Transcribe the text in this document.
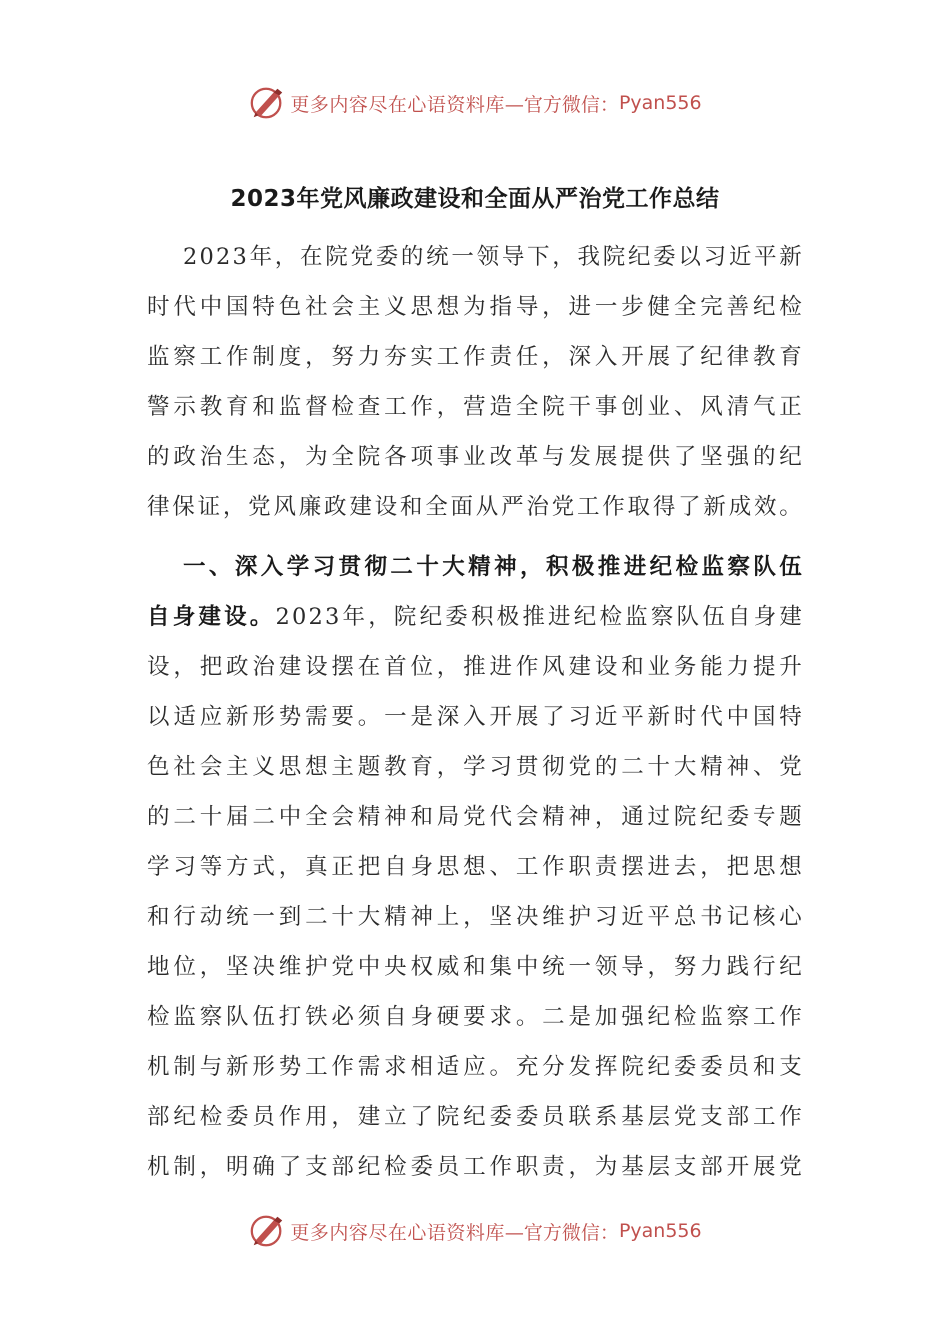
更多内容尽在心语资料库 —官方微信： Pyan556
2023年党风廉政建设和全面从严治党工作总结
2023年，在院党委的统一领导下，我院纪委以习近平新
时代中国特色社会主义思想为指导，进一步健全完善纪检
监察工作制度，努力夯实工作责任，深入开展了纪律教育
警示教育和监督检查工作，营造全院干事创业、风清气正
的政治生态，为全院各项事业改革与发展提供了坚强的纪
律保证，党风廉政建设和全面从严治党工作取得了新成效。
一、深入学习贯彻二十大精神，积极推进纪检监察队伍
自身建设。2023年，院纪委积极推进纪检监察队伍自身建
设，把政治建设摆在首位，推进作风建设和业务能力提升
以适应新形势需要。一是深入开展了习近平新时代中国特
色社会主义思想主题教育，学习贯彻党的二十大精神、党
的二十届二中全会精神和局党代会精神，通过院纪委专题
学习等方式，真正把自身思想、工作职责摆进去，把思想
和行动统一到二十大精神上，坚决维护习近平总书记核心
地位，坚决维护党中央权威和集中统一领导，努力践行纪
检监察队伍打铁必须自身硬要求。二是加强纪检监察工作
机制与新形势工作需求相适应。充分发挥院纪委委员和支
部纪检委员作用，建立了院纪委委员联系基层党支部工作
机制，明确了支部纪检委员工作职责，为基层支部开展党
更多内容尽在心语资料库 —官方微信： Pyan556
